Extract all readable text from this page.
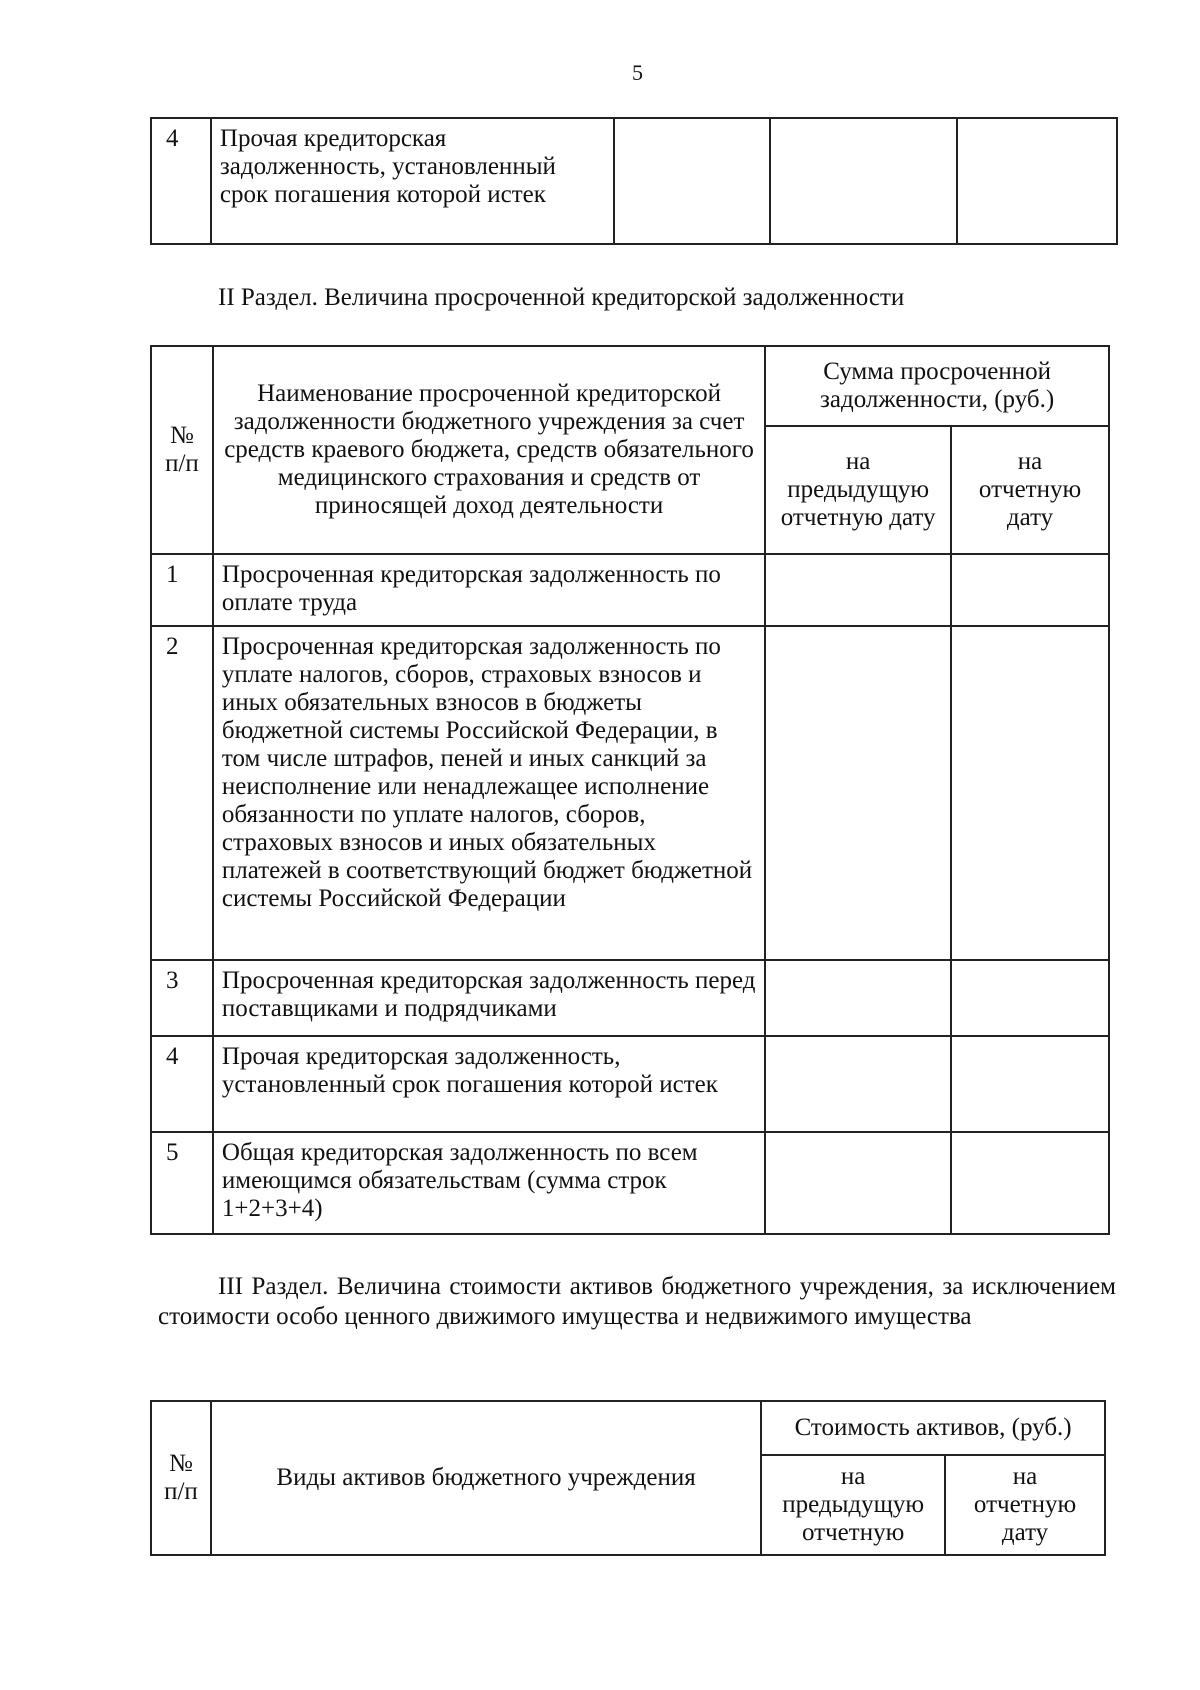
5
4	Прочая кредиторская задолженность, установленный срок погашения которой истек			
II Раздел. Величина просроченной кредиторской задолженности
№ п/п	Наименование просроченной кредиторской задолженности бюджетного учреждения за счет средств краевого бюджета, средств обязательного медицинского страхования и средств от приносящей доход деятельности	Сумма просроченной задолженности, (руб.)	
		на предыдущую отчетную дату	на отчетную дату
1	Просроченная кредиторская задолженность по оплате труда		
2	Просроченная кредиторская задолженность по уплате налогов, сборов, страховых взносов и иных обязательных взносов в бюджеты бюджетной системы Российской Федерации, в том числе штрафов, пеней и иных санкций за неисполнение или ненадлежащее исполнение обязанности по уплате налогов, сборов, страховых взносов и иных обязательных платежей в соответствующий бюджет бюджетной системы Российской Федерации		
3	Просроченная кредиторская задолженность перед поставщиками и подрядчиками		
4	Прочая кредиторская задолженность, установленный срок погашения которой истек		
5	Общая кредиторская задолженность по всем имеющимся обязательствам (сумма строк 1+2+3+4)		
III Раздел. Величина стоимости активов бюджетного учреждения, за исключением стоимости особо ценного движимого имущества и недвижимого имущества
№ п/п	Виды активов бюджетного учреждения	Стоимость активов, (руб.)	
		на предыдущую отчетную	на отчетную дату
